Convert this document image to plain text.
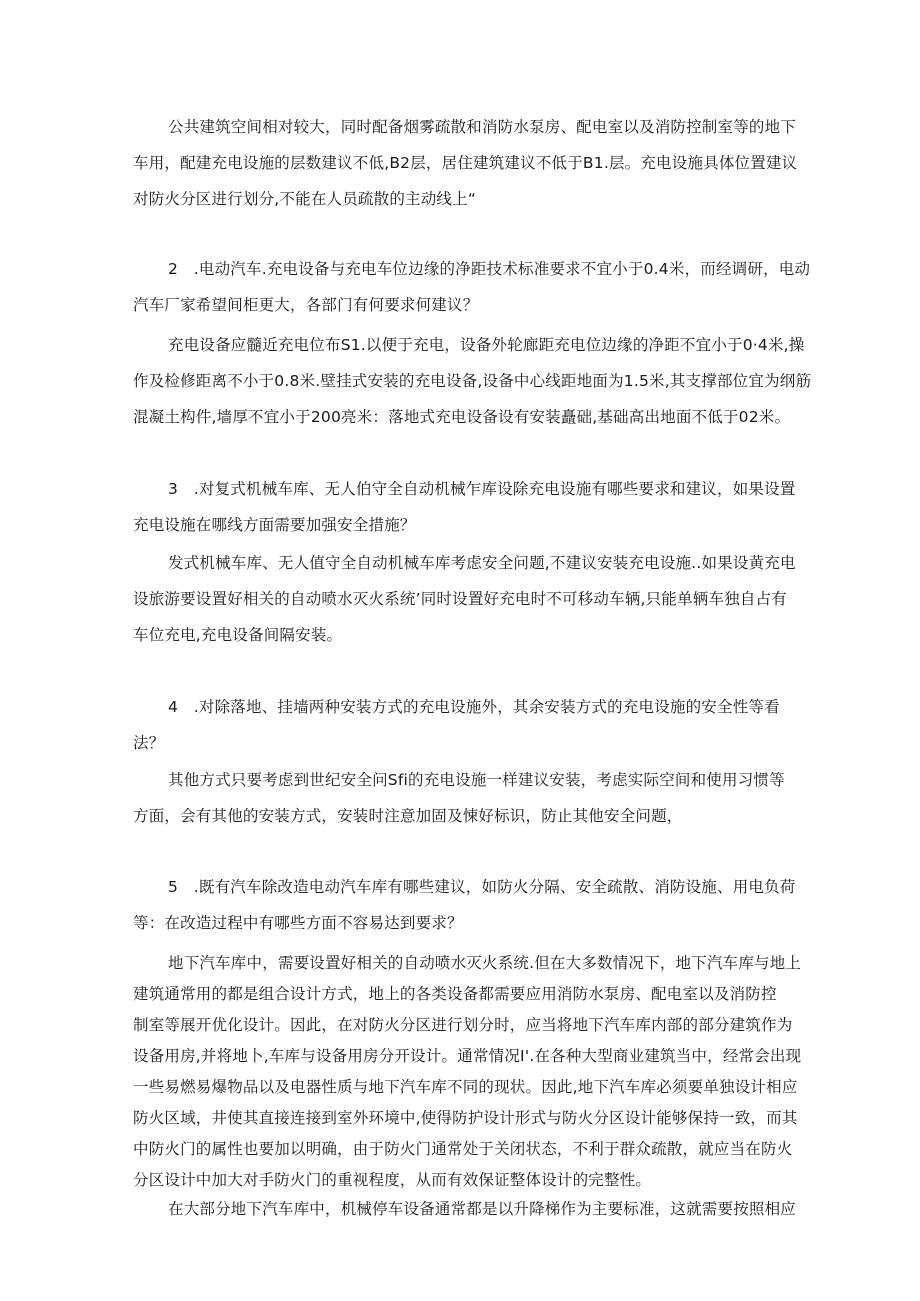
公共建筑空间相对较大，同时配备烟雾疏散和消防水泵房、配电室以及消防控制室等的地下
车用，配建充电设施的层数建议不低,B2层，居住建筑建议不低于B1.层。充电设施具体位置建议
对防火分区进行划分,不能在人员疏散的主动线上“
2　.电动汽车.充电设备与充电车位边缘的净距技术标准要求不宜小于0.4米，而经调研，电动
汽车厂家希望间柜更大，各部门有何要求何建议？
充电设备应髓近充电位布S1.以便于充电，设备外轮廊距充电位边缘的净距不宜小于0·4米,操
作及检修距离不小于0.8米.壁挂式安装的充电设备,设备中心线距地面为1.5米,其支撑部位宜为纲筋
混凝土构件,墙厚不宜小于200亮米：落地式充电设备设有安装矗础,基础高出地面不低于02米。
3　.对复式机械车库、无人伯守全自动机械乍库设除充电设施有哪些要求和建议，如果设置
充电设施在哪线方面需要加强安全措施？
发式机械车库、无人值守全自动机械车库考虑安全问题,不建议安装充电设施..如果设黄充电
设旅游要设置好相关的自动喷水灭火系统’同时设置好充电时不可移动车辆,只能单辆车独自占有
车位充电,充电设备间隔安装。
4　.对除落地、挂墙两种安装方式的充电设施外，其余安装方式的充电设施的安全性等看
法？
其他方式只要考虑到世纪安全问Sfi的充电设施一样建议安装，考虑实际空间和使用习惯等
方面，会有其他的安装方式，安装时注意加固及悚好标识，防止其他安全问题，
5　.既有汽车除改造电动汽车库有哪些建议，如防火分隔、安全疏散、消防设施、用电负荷
等：在改造过程中有哪些方面不容易达到要求？
地下汽车库中，需要设置好相关的自动喷水灭火系统.但在大多数情况下，地下汽车库与地上
建筑通常用的都是组合设计方式，地上的各类设备都需要应用消防水泵房、配电室以及消防控
制室等展开优化设计。因此，在对防火分区进行划分时，应当将地下汽车库内部的部分建筑作为
设备用房,并将地卜,车库与设备用房分开设计。通常情况I'.在各种大型商业建筑当中，经常会出现
一些易燃易爆物品以及电器性质与地下汽车库不同的现状。因此,地下汽车库必须要单独设计相应
防火区域，井使其直接连接到室外环境中,使得防护设计形式与防火分区设计能够保持一致，而其
中防火门的属性也要加以明确，由于防火门通常处于关闭状态，不利于群众疏散，就应当在防火
分区设计中加大对手防火门的重视程度，从而有效保证整体设计的完整性。
在大部分地下汽车库中，机械停车设备通常都是以升降梯作为主要标准，这就需要按照相应
